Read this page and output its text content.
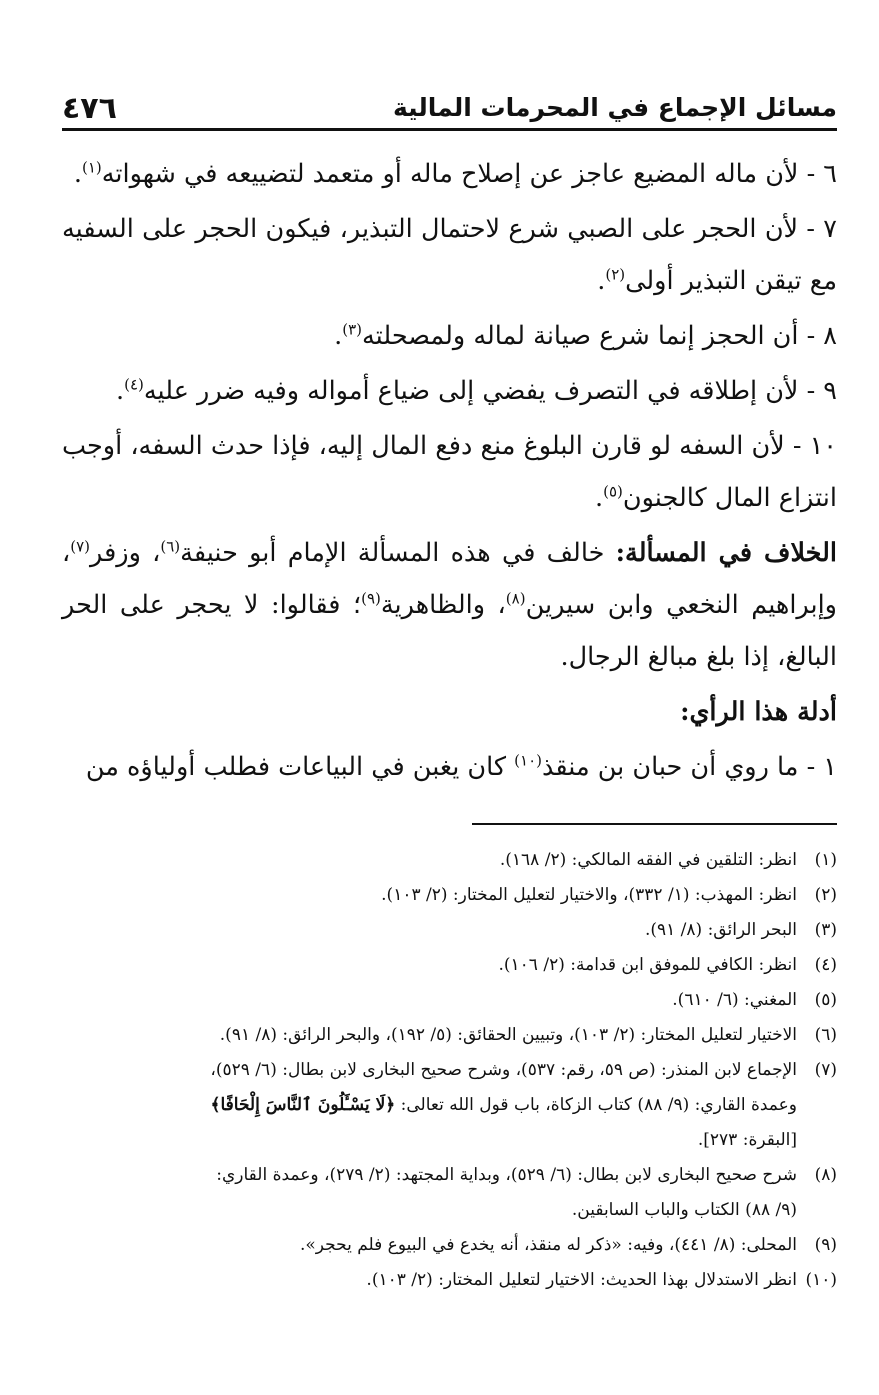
مسائل الإجماع في المحرمات المالية
٤٧٦

٦ - لأن ماله المضيع عاجز عن إصلاح ماله أو متعمد لتضييعه في شهواته$^{(١)}$.

٧ - لأن الحجر على الصبي شرع لاحتمال التبذير، فيكون الحجر على السفيه مع تيقن التبذير أولى$^{(٢)}$.

٨ - أن الحجز إنما شرع صيانة لماله ولمصحلته$^{(٣)}$.

٩ - لأن إطلاقه في التصرف يفضي إلى ضياع أمواله وفيه ضرر عليه$^{(٤)}$.

١٠ - لأن السفه لو قارن البلوغ منع دفع المال إليه، فإذا حدث السفه، أوجب انتزاع المال كالجنون$^{(٥)}$.

الخلاف في المسألة: خالف في هذه المسألة الإمام أبو حنيفة$^{(٦)}$، وزفر$^{(٧)}$، وإبراهيم النخعي وابن سيرين$^{(٨)}$، والظاهرية$^{(٩)}$؛ فقالوا: لا يحجر على الحر البالغ، إذا بلغ مبالغ الرجال.

أدلة هذا الرأي:

١ - ما روي أن حبان بن منقذ$^{(١٠)}$ كان يغبن في البياعات فطلب أولياؤه من

(١)انظر: التلقين في الفقه المالكي: (٢/ ١٦٨).

(٢)انظر: المهذب: (١/ ٣٣٢)، والاختيار لتعليل المختار: (٢/ ١٠٣).

(٣)البحر الرائق: (٨/ ٩١).

(٤)انظر: الكافي للموفق ابن قدامة: (٢/ ١٠٦).

(٥)المغني: (٦/ ٦١٠).

(٦)الاختيار لتعليل المختار: (٢/ ١٠٣)، وتبيين الحقائق: (٥/ ١٩٢)، والبحر الرائق: (٨/ ٩١).

(٧)الإجماع لابن المنذر: (ص ٥٩، رقم: ٥٣٧)، وشرح صحيح البخارى لابن بطال: (٦/ ٥٢٩)،
وعمدة القاري: (٩/ ٨٨) كتاب الزكاة، باب قول الله تعالى: ﴿لَا يَسْـَٔلُونَ ٱلنَّاسَ إِلْحَافًا﴾
[البقرة: ٢٧٣].

(٨)شرح صحيح البخارى لابن بطال: (٦/ ٥٢٩)، وبداية المجتهد: (٢/ ٢٧٩)، وعمدة القاري:
(٩/ ٨٨) الكتاب والباب السابقين.

(٩)المحلى: (٨/ ٤٤١)، وفيه: «ذكر له منقذ، أنه يخدع في البيوع فلم يحجر».

(١٠)انظر الاستدلال بهذا الحديث: الاختيار لتعليل المختار: (٢/ ١٠٣).
